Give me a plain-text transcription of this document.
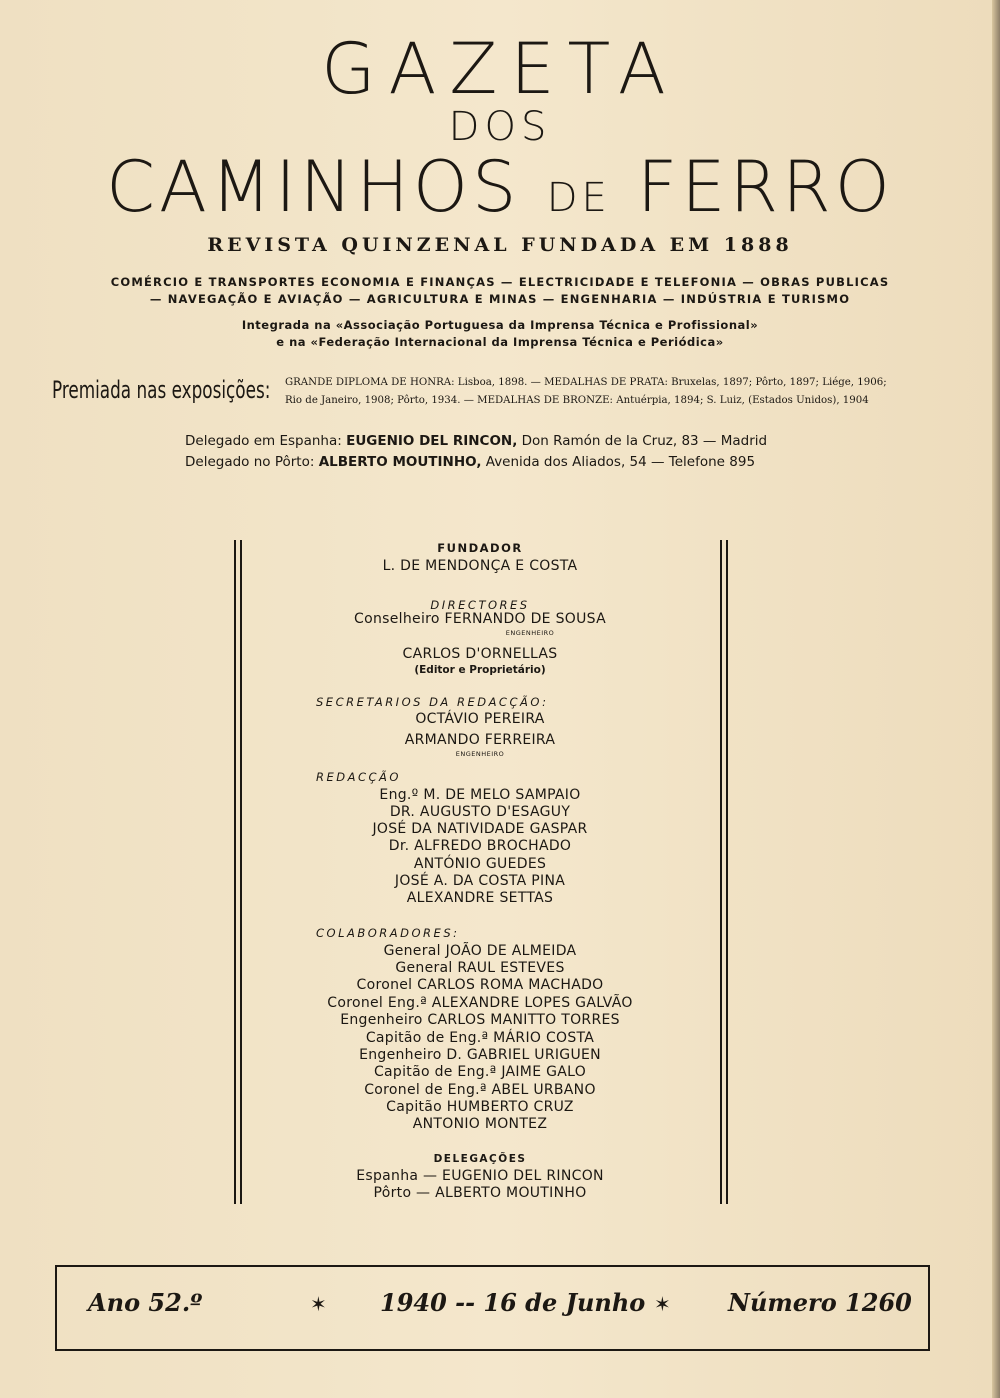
GAZETA
DOS
CAMINHOS DE FERRO
REVISTA QUINZENAL FUNDADA EM 1888
COMÉRCIO E TRANSPORTES ECONOMIA E FINANÇAS — ELECTRICIDADE E TELEFONIA — OBRAS PUBLICAS
— NAVEGAÇÃO E AVIAÇÃO — AGRICULTURA E MINAS — ENGENHARIA — INDÚSTRIA E TURISMO
Integrada na «Associação Portuguesa da Imprensa Técnica e Profissional»
e na «Federação Internacional da Imprensa Técnica e Periódica»
Premiada nas exposições: GRANDE DIPLOMA DE HONRA: Lisboa, 1898. — MEDALHAS DE PRATA: Bruxelas, 1897; Pôrto, 1897; Liége, 1906;
Rio de Janeiro, 1908; Pôrto, 1934. — MEDALHAS DE BRONZE: Antuérpia, 1894; S. Luiz, (Estados Unidos), 1904
Delegado em Espanha: EUGENIO DEL RINCON, Don Ramón de la Cruz, 83 — Madrid
Delegado no Pôrto: ALBERTO MOUTINHO, Avenida dos Aliados, 54 — Telefone 895
FUNDADOR
L. DE MENDONÇA E COSTA
DIRECTORES
Conselheiro FERNANDO DE SOUSA
ENGENHEIRO
CARLOS D'ORNELLAS
(Editor e Proprietário)
SECRETARIOS DA REDACÇÃO:
OCTÁVIO PEREIRA
ARMANDO FERREIRA
ENGENHEIRO
REDACÇÃO
Eng.º M. DE MELO SAMPAIO
DR. AUGUSTO D'ESAGUY
JOSÉ DA NATIVIDADE GASPAR
Dr. ALFREDO BROCHADO
ANTÓNIO GUEDES
JOSÉ A. DA COSTA PINA
ALEXANDRE SETTAS
COLABORADORES:
General JOÃO DE ALMEIDA
General RAUL ESTEVES
Coronel CARLOS ROMA MACHADO
Coronel Eng.ª ALEXANDRE LOPES GALVÃO
Engenheiro CARLOS MANITTO TORRES
Capitão de Eng.ª MÁRIO COSTA
Engenheiro D. GABRIEL URIGUEN
Capitão de Eng.ª JAIME GALO
Coronel de Eng.ª ABEL URBANO
Capitão HUMBERTO CRUZ
ANTONIO MONTEZ
DELEGAÇÕES
Espanha — EUGENIO DEL RINCON
Pôrto — ALBERTO MOUTINHO
Ano 52.º	✶ 1940 -- 16 de Junho ✶ Número 1260
